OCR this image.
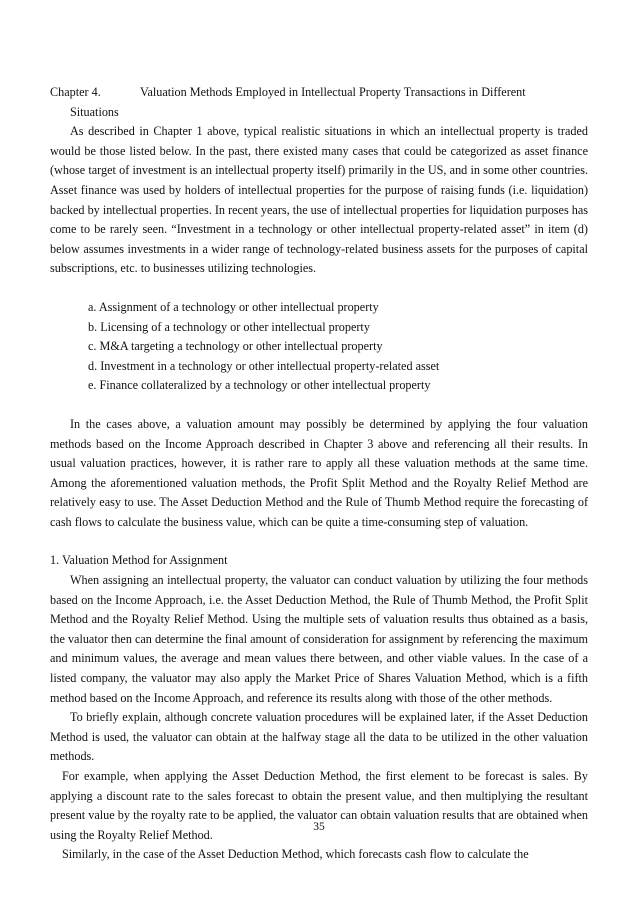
Chapter 4.	Valuation Methods Employed in Intellectual Property Transactions in Different
Situations

As described in Chapter 1 above, typical realistic situations in which an intellectual property is traded would be those listed below. In the past, there existed many cases that could be categorized as asset finance (whose target of investment is an intellectual property itself) primarily in the US, and in some other countries. Asset finance was used by holders of intellectual properties for the purpose of raising funds (i.e. liquidation) backed by intellectual properties. In recent years, the use of intellectual properties for liquidation purposes has come to be rarely seen. “Investment in a technology or other intellectual property-related asset” in item (d) below assumes investments in a wider range of technology-related business assets for the purposes of capital subscriptions, etc. to businesses utilizing technologies.

a. Assignment of a technology or other intellectual property
b. Licensing of a technology or other intellectual property
c. M&A targeting a technology or other intellectual property
d. Investment in a technology or other intellectual property-related asset
e. Finance collateralized by a technology or other intellectual property

In the cases above, a valuation amount may possibly be determined by applying the four valuation methods based on the Income Approach described in Chapter 3 above and referencing all their results. In usual valuation practices, however, it is rather rare to apply all these valuation methods at the same time. Among the aforementioned valuation methods, the Profit Split Method and the Royalty Relief Method are relatively easy to use. The Asset Deduction Method and the Rule of Thumb Method require the forecasting of cash flows to calculate the business value, which can be quite a time-consuming step of valuation.

1. Valuation Method for Assignment

When assigning an intellectual property, the valuator can conduct valuation by utilizing the four methods based on the Income Approach, i.e. the Asset Deduction Method, the Rule of Thumb Method, the Profit Split Method and the Royalty Relief Method. Using the multiple sets of valuation results thus obtained as a basis, the valuator then can determine the final amount of consideration for assignment by referencing the maximum and minimum values, the average and mean values there between, and other viable values. In the case of a listed company, the valuator may also apply the Market Price of Shares Valuation Method, which is a fifth method based on the Income Approach, and reference its results along with those of the other methods.

To briefly explain, although concrete valuation procedures will be explained later, if the Asset Deduction Method is used, the valuator can obtain at the halfway stage all the data to be utilized in the other valuation methods.

For example, when applying the Asset Deduction Method, the first element to be forecast is sales. By applying a discount rate to the sales forecast to obtain the present value, and then multiplying the resultant present value by the royalty rate to be applied, the valuator can obtain valuation results that are obtained when using the Royalty Relief Method.

Similarly, in the case of the Asset Deduction Method, which forecasts cash flow to calculate the

35
